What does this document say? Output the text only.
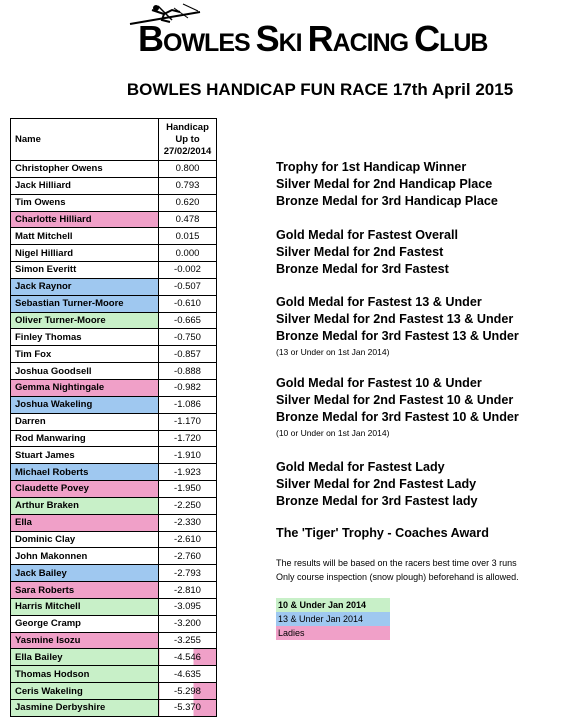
BOWLES SKI RACING CLUB
BOWLES HANDICAP FUN RACE 17th April 2015
Name	Handicap
Up to
27/02/2014
Christopher Owens	0.800
Jack Hilliard	0.793
Tim Owens	0.620
Charlotte Hilliard	0.478
Matt Mitchell	0.015
Nigel Hilliard	0.000
Simon Everitt	-0.002
Jack Raynor	-0.507
Sebastian Turner-Moore	-0.610
Oliver Turner-Moore	-0.665
Finley Thomas	-0.750
Tim Fox	-0.857
Joshua Goodsell	-0.888
Gemma Nightingale	-0.982
Joshua Wakeling	-1.086
Darren	-1.170
Rod Manwaring	-1.720
Stuart James	-1.910
Michael Roberts	-1.923
Claudette Povey	-1.950
Arthur Braken	-2.250
Ella	-2.330
Dominic Clay	-2.610
John Makonnen	-2.760
Jack Bailey	-2.793
Sara Roberts	-2.810
Harris Mitchell	-3.095
George Cramp	-3.200
Yasmine Isozu	-3.255
Ella Bailey	-4.546
Thomas Hodson	-4.635
Ceris Wakeling	-5.298
Jasmine Derbyshire	-5.370
Trophy for 1st Handicap Winner
Silver Medal for 2nd Handicap Place
Bronze Medal for 3rd Handicap Place
Gold Medal for Fastest Overall
Silver Medal for 2nd Fastest
Bronze Medal for 3rd Fastest
Gold Medal for Fastest 13 & Under
Silver Medal for 2nd Fastest 13 & Under
Bronze Medal for 3rd Fastest 13 & Under
(13 or Under on 1st Jan 2014)
Gold Medal for Fastest 10 & Under
Silver Medal for 2nd Fastest 10 & Under
Bronze Medal for 3rd Fastest 10 & Under
(10 or Under on 1st Jan 2014)
Gold Medal for Fastest Lady
Silver Medal for 2nd Fastest Lady
Bronze Medal for 3rd Fastest lady
The 'Tiger' Trophy - Coaches Award
The results will be based on the racers best time over 3 runs
Only course inspection (snow plough) beforehand is allowed.
10 & Under Jan 2014
13 & Under Jan 2014
Ladies
